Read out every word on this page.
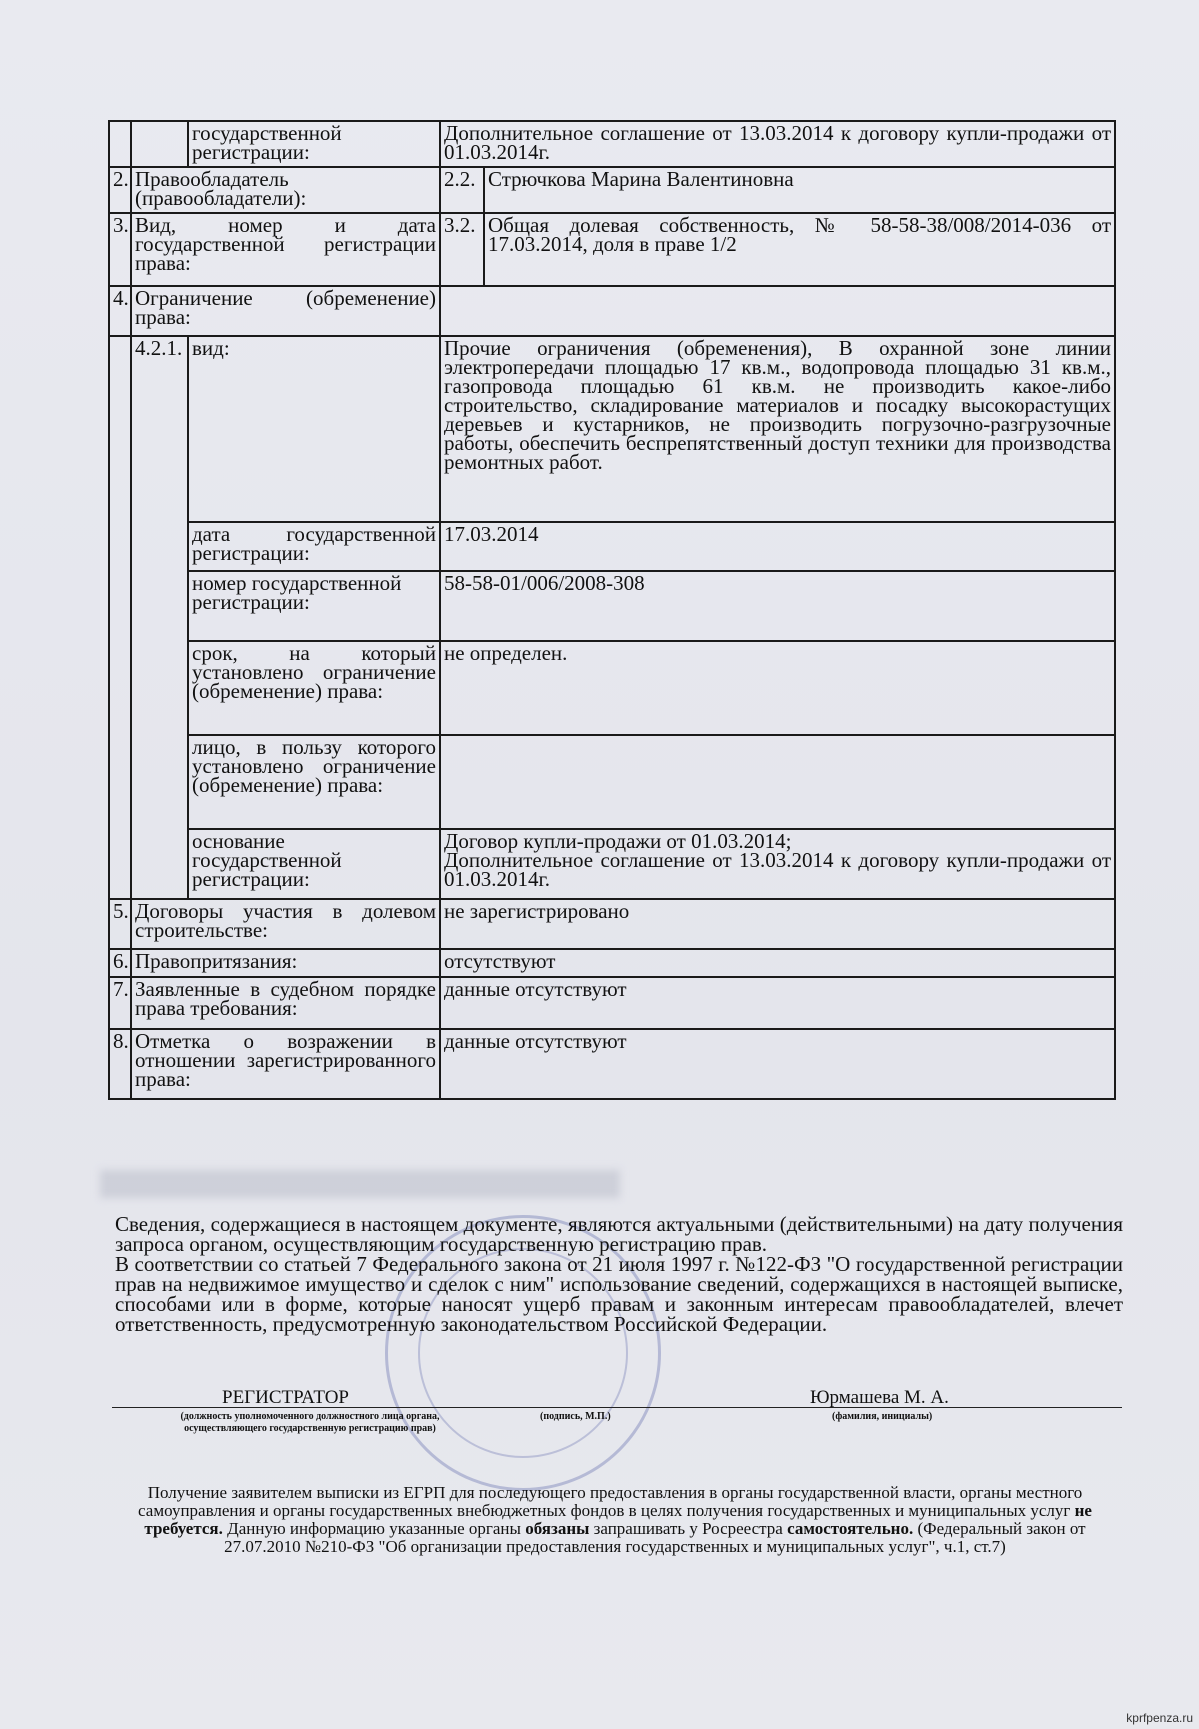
		государственной регистрации:	Дополнительное соглашение от 13.03.2014 к договору купли-продажи от 01.03.2014г.	
2.	Правообладатель (правообладатели):		2.2.	Стрючкова Марина Валентиновна
3.	Вид, номер и дата государственной регистрации права:		3.2.	Общая долевая собственность, № 58-58-38/008/2014-036 от 17.03.2014, доля в праве 1/2
4.	Ограничение (обременение) права:			
	4.2.1.	вид:	Прочие ограничения (обременения), В охранной зоне линии электропередачи площадью 17 кв.м., водопровода площадью 31 кв.м., газопровода площадью 61 кв.м. не производить какое-либо строительство, складирование материалов и посадку высокорастущих деревьев и кустарников, не производить погрузочно-разгрузочные работы, обеспечить беспрепятственный доступ техники для производства ремонтных работ.	
		дата государственной регистрации:	17.03.2014	
		номер государственной регистрации:	58-58-01/006/2008-308	
		срок, на который установлено ограничение (обременение) права:	не определен.	
		лицо, в пользу которого установлено ограничение (обременение) права:		
		основание государственной регистрации:	Договор купли-продажи от 01.03.2014;
Дополнительное соглашение от 13.03.2014 к договору купли-продажи от 01.03.2014г.	

5.	Договоры участия в долевом строительстве:		не зарегистрировано	
6.	Правопритязания:		отсутствуют	
7.	Заявленные в судебном порядке права требования:		данные отсутствуют	
8.	Отметка о возражении в отношении зарегистрированного права:		данные отсутствуют	
Сведения, содержащиеся в настоящем документе, являются актуальными (действительными) на дату получения запроса органом, осуществляющим государственную регистрацию прав.
В соответствии со статьей 7 Федерального закона от 21 июля 1997 г. №122-ФЗ "О государственной регистрации прав на недвижимое имущество и сделок с ним" использование сведений, содержащихся в настоящей выписке, способами или в форме, которые наносят ущерб правам и законным интересам правообладателей, влечет ответственность, предусмотренную законодательством Российской Федерации.
РЕГИСТРАТОР	Юрмашева М. А.
(должность уполномоченного должностного лица органа, осуществляющего государственную регистрацию прав)
(подпись, М.П.)	(фамилия, инициалы)
Получение заявителем выписки из ЕГРП для последующего предоставления в органы государственной власти, органы местного самоуправления и органы государственных внебюджетных фондов в целях получения государственных и муниципальных услуг не требуется. Данную информацию указанные органы обязаны запрашивать у Росреестра самостоятельно. (Федеральный закон от 27.07.2010 №210-ФЗ "Об организации предоставления государственных и муниципальных услуг", ч.1, ст.7)
kprfpenza.ru
